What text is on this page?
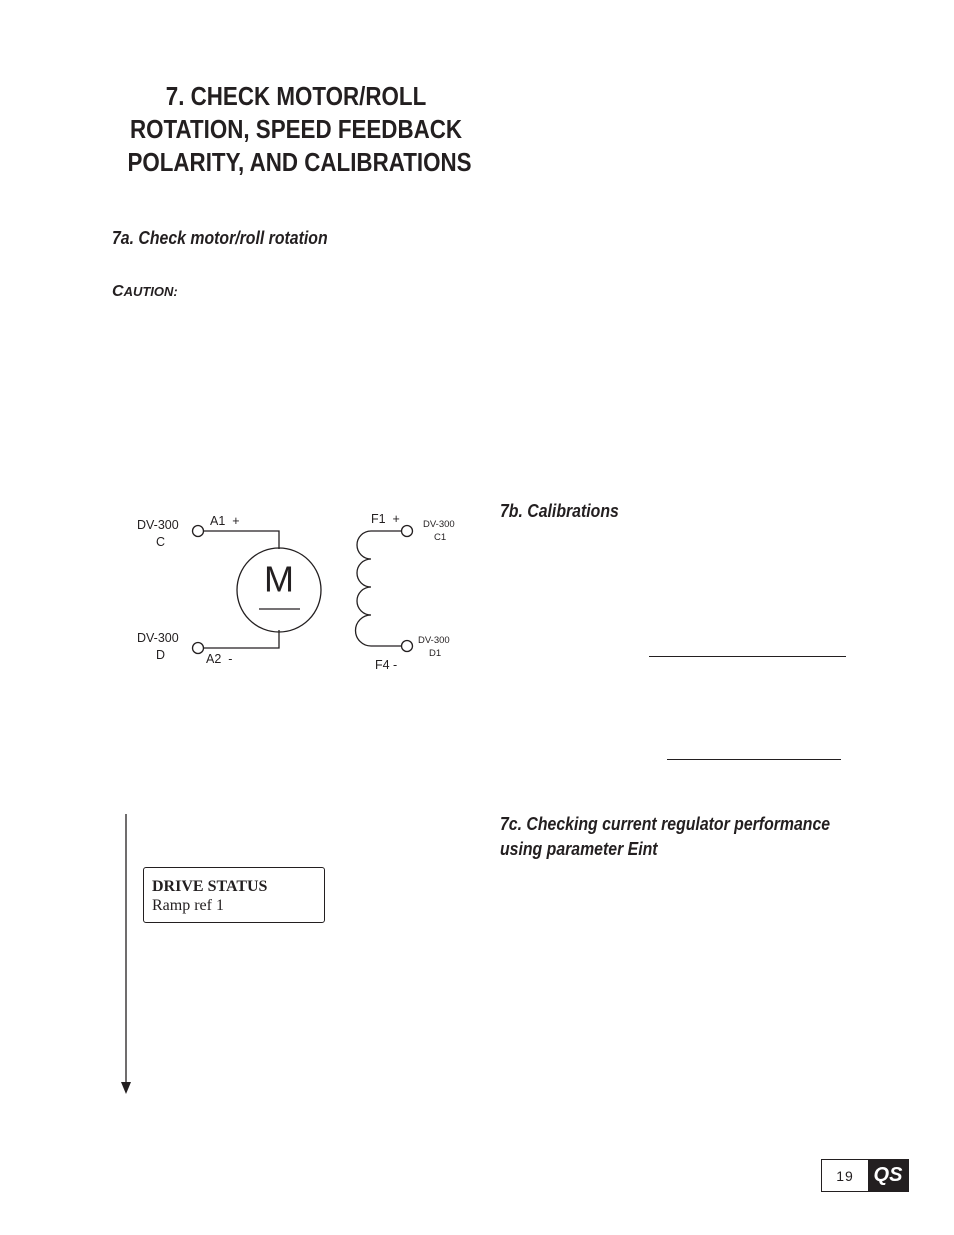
7. CHECK MOTOR/ROLL
ROTATION, SPEED FEEDBACK
POLARITY, AND CALIBRATIONS
7a. Check motor/roll rotation
CAUTION:
DV-300
C
DV-300
D
A1  +
A2  -
M
F1  +
F4 -
DV-300
C1
DV-300
D1
7b. Calibrations
7c. Checking current regulator performance
using parameter Eint
DRIVE STATUS
Ramp ref 1
19 QS
